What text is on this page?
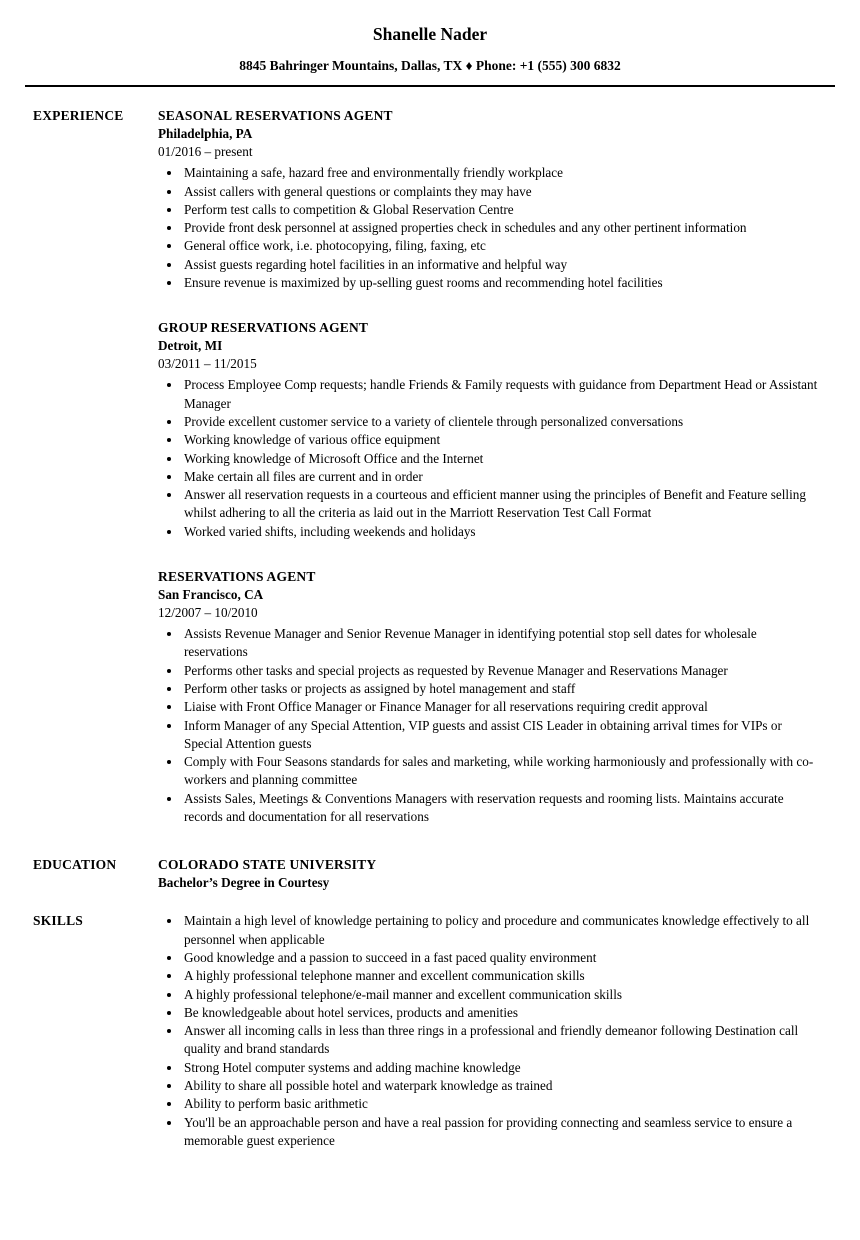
Shanelle Nader
8845 Bahringer Mountains, Dallas, TX ♦ Phone: +1 (555) 300 6832
EXPERIENCE	SEASONAL RESERVATIONS AGENT
Philadelphia, PA
01/2016 – present
• Maintaining a safe, hazard free and environmentally friendly workplace
• Assist callers with general questions or complaints they may have
• Perform test calls to competition & Global Reservation Centre
• Provide front desk personnel at assigned properties check in schedules and any other pertinent information
• General office work, i.e. photocopying, filing, faxing, etc
• Assist guests regarding hotel facilities in an informative and helpful way
• Ensure revenue is maximized by up-selling guest rooms and recommending hotel facilities
GROUP RESERVATIONS AGENT
Detroit, MI
03/2011 – 11/2015
• Process Employee Comp requests; handle Friends & Family requests with guidance from Department Head or Assistant Manager
• Provide excellent customer service to a variety of clientele through personalized conversations
• Working knowledge of various office equipment
• Working knowledge of Microsoft Office and the Internet
• Make certain all files are current and in order
• Answer all reservation requests in a courteous and efficient manner using the principles of Benefit and Feature selling whilst adhering to all the criteria as laid out in the Marriott Reservation Test Call Format
• Worked varied shifts, including weekends and holidays
RESERVATIONS AGENT
San Francisco, CA
12/2007 – 10/2010
• Assists Revenue Manager and Senior Revenue Manager in identifying potential stop sell dates for wholesale reservations
• Performs other tasks and special projects as requested by Revenue Manager and Reservations Manager
• Perform other tasks or projects as assigned by hotel management and staff
• Liaise with Front Office Manager or Finance Manager for all reservations requiring credit approval
• Inform Manager of any Special Attention, VIP guests and assist CIS Leader in obtaining arrival times for VIPs or Special Attention guests
• Comply with Four Seasons standards for sales and marketing, while working harmoniously and professionally with co-workers and planning committee
• Assists Sales, Meetings & Conventions Managers with reservation requests and rooming lists. Maintains accurate records and documentation for all reservations
EDUCATION	COLORADO STATE UNIVERSITY
Bachelor’s Degree in Courtesy
SKILLS	• Maintain a high level of knowledge pertaining to policy and procedure and communicates knowledge effectively to all personnel when applicable
• Good knowledge and a passion to succeed in a fast paced quality environment
• A highly professional telephone manner and excellent communication skills
• A highly professional telephone/e-mail manner and excellent communication skills
• Be knowledgeable about hotel services, products and amenities
• Answer all incoming calls in less than three rings in a professional and friendly demeanor following Destination call quality and brand standards
• Strong Hotel computer systems and adding machine knowledge
• Ability to share all possible hotel and waterpark knowledge as trained
• Ability to perform basic arithmetic
• You'll be an approachable person and have a real passion for providing connecting and seamless service to ensure a memorable guest experience
